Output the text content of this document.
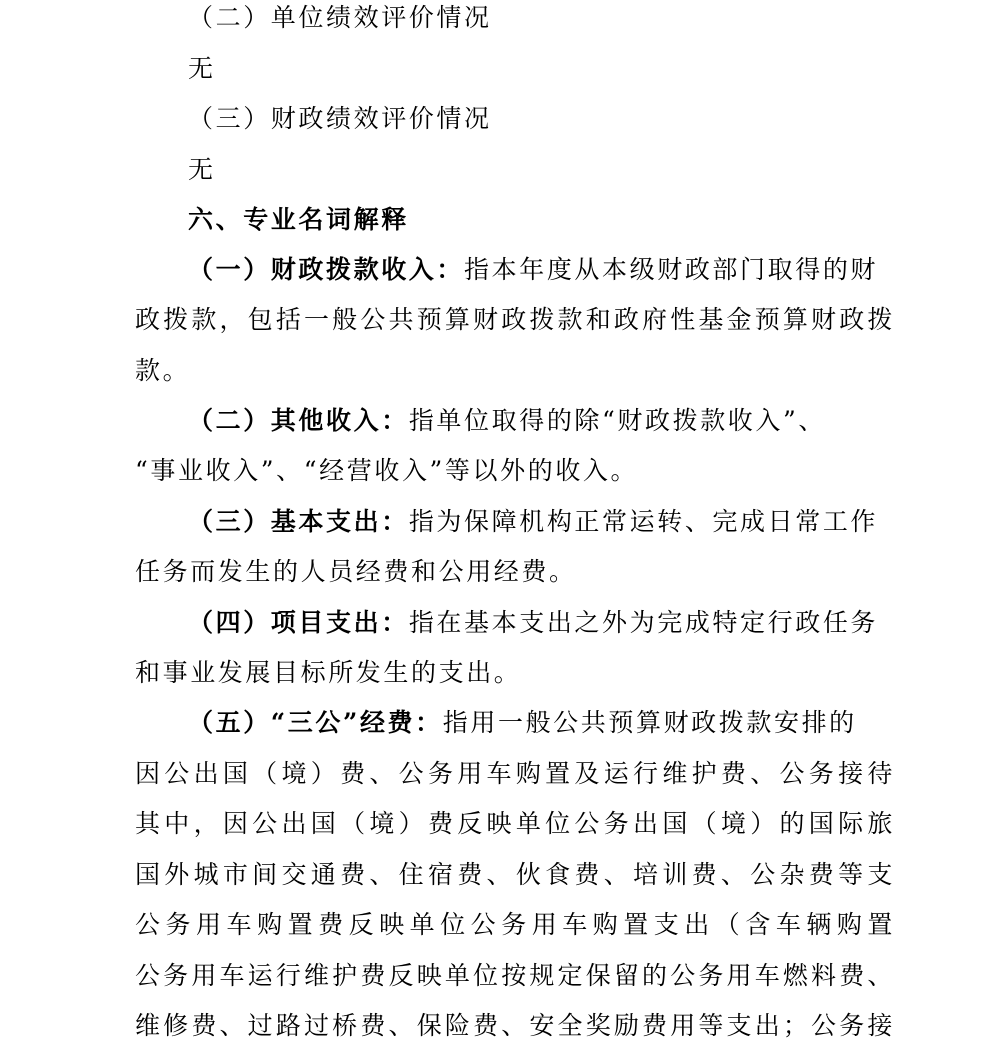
（二）单位绩效评价情况
无
（三）财政绩效评价情况
无
六、专业名词解释
（一）财政拨款收入：指本年度从本级财政部门取得的财
政拨款，包括一般公共预算财政拨款和政府性基金预算财政拨
款。
（二）其他收入：指单位取得的除“财政拨款收入”、
“事业收入”、“经营收入”等以外的收入。
（三）基本支出：指为保障机构正常运转、完成日常工作
任务而发生的人员经费和公用经费。
（四）项目支出：指在基本支出之外为完成特定行政任务
和事业发展目标所发生的支出。
（五）“三公”经费：指用一般公共预算财政拨款安排的
因公出国（境）费、公务用车购置及运行维护费、公务接待
其中，因公出国（境）费反映单位公务出国（境）的国际旅
国外城市间交通费、住宿费、伙食费、培训费、公杂费等支
公务用车购置费反映单位公务用车购置支出（含车辆购置
公务用车运行维护费反映单位按规定保留的公务用车燃料费、
维修费、过路过桥费、保险费、安全奖励费用等支出；公务接
